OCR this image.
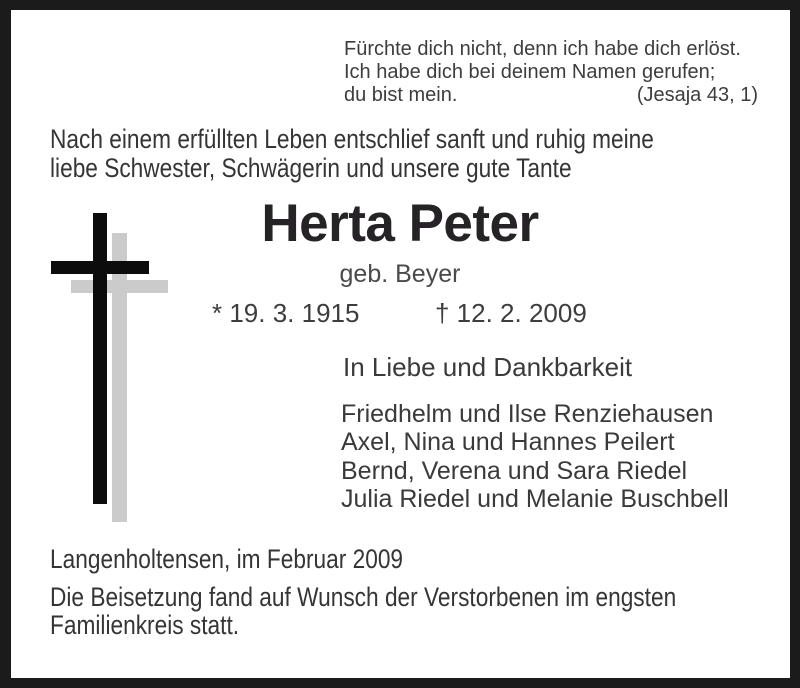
Fürchte dich nicht, denn ich habe dich erlöst.
Ich habe dich bei deinem Namen gerufen;
du bist mein.	(Jesaja 43, 1)
Nach einem erfüllten Leben entschlief sanft und ruhig meine
liebe Schwester, Schwägerin und unsere gute Tante
Herta Peter
geb. Beyer
* 19. 3. 1915	† 12. 2. 2009
In Liebe und Dankbarkeit
Friedhelm und Ilse Renziehausen
Axel, Nina und Hannes Peilert
Bernd, Verena und Sara Riedel
Julia Riedel und Melanie Buschbell
Langenholtensen, im Februar 2009
Die Beisetzung fand auf Wunsch der Verstorbenen im engsten
Familienkreis statt.
